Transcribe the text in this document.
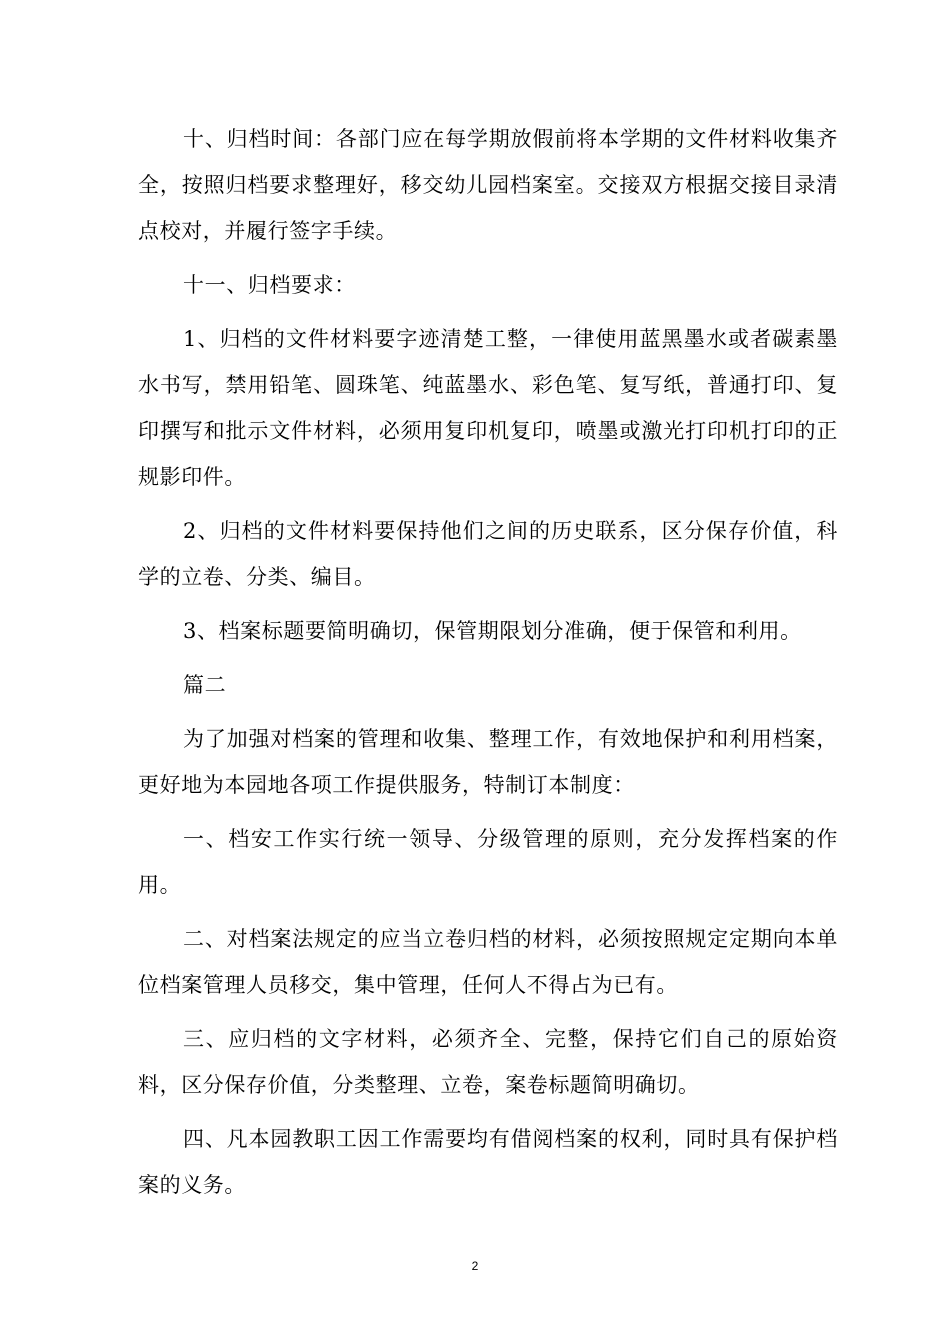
十、归档时间：各部门应在每学期放假前将本学期的文件材料收集齐全，按照归档要求整理好，移交幼儿园档案室。交接双方根据交接目录清点校对，并履行签字手续。

十一、归档要求：

1、归档的文件材料要字迹清楚工整，一律使用蓝黑墨水或者碳素墨水书写，禁用铅笔、圆珠笔、纯蓝墨水、彩色笔、复写纸，普通打印、复印撰写和批示文件材料，必须用复印机复印，喷墨或激光打印机打印的正规影印件。

2、归档的文件材料要保持他们之间的历史联系，区分保存价值，科学的立卷、分类、编目。

3、档案标题要简明确切，保管期限划分准确，便于保管和利用。

篇二

为了加强对档案的管理和收集、整理工作，有效地保护和利用档案，更好地为本园地各项工作提供服务，特制订本制度：

一、档安工作实行统一领导、分级管理的原则，充分发挥档案的作用。

二、对档案法规定的应当立卷归档的材料，必须按照规定定期向本单位档案管理人员移交，集中管理，任何人不得占为已有。

三、应归档的文字材料，必须齐全、完整，保持它们自己的原始资料，区分保存价值，分类整理、立卷，案卷标题简明确切。

四、凡本园教职工因工作需要均有借阅档案的权利，同时具有保护档案的义务。

2
